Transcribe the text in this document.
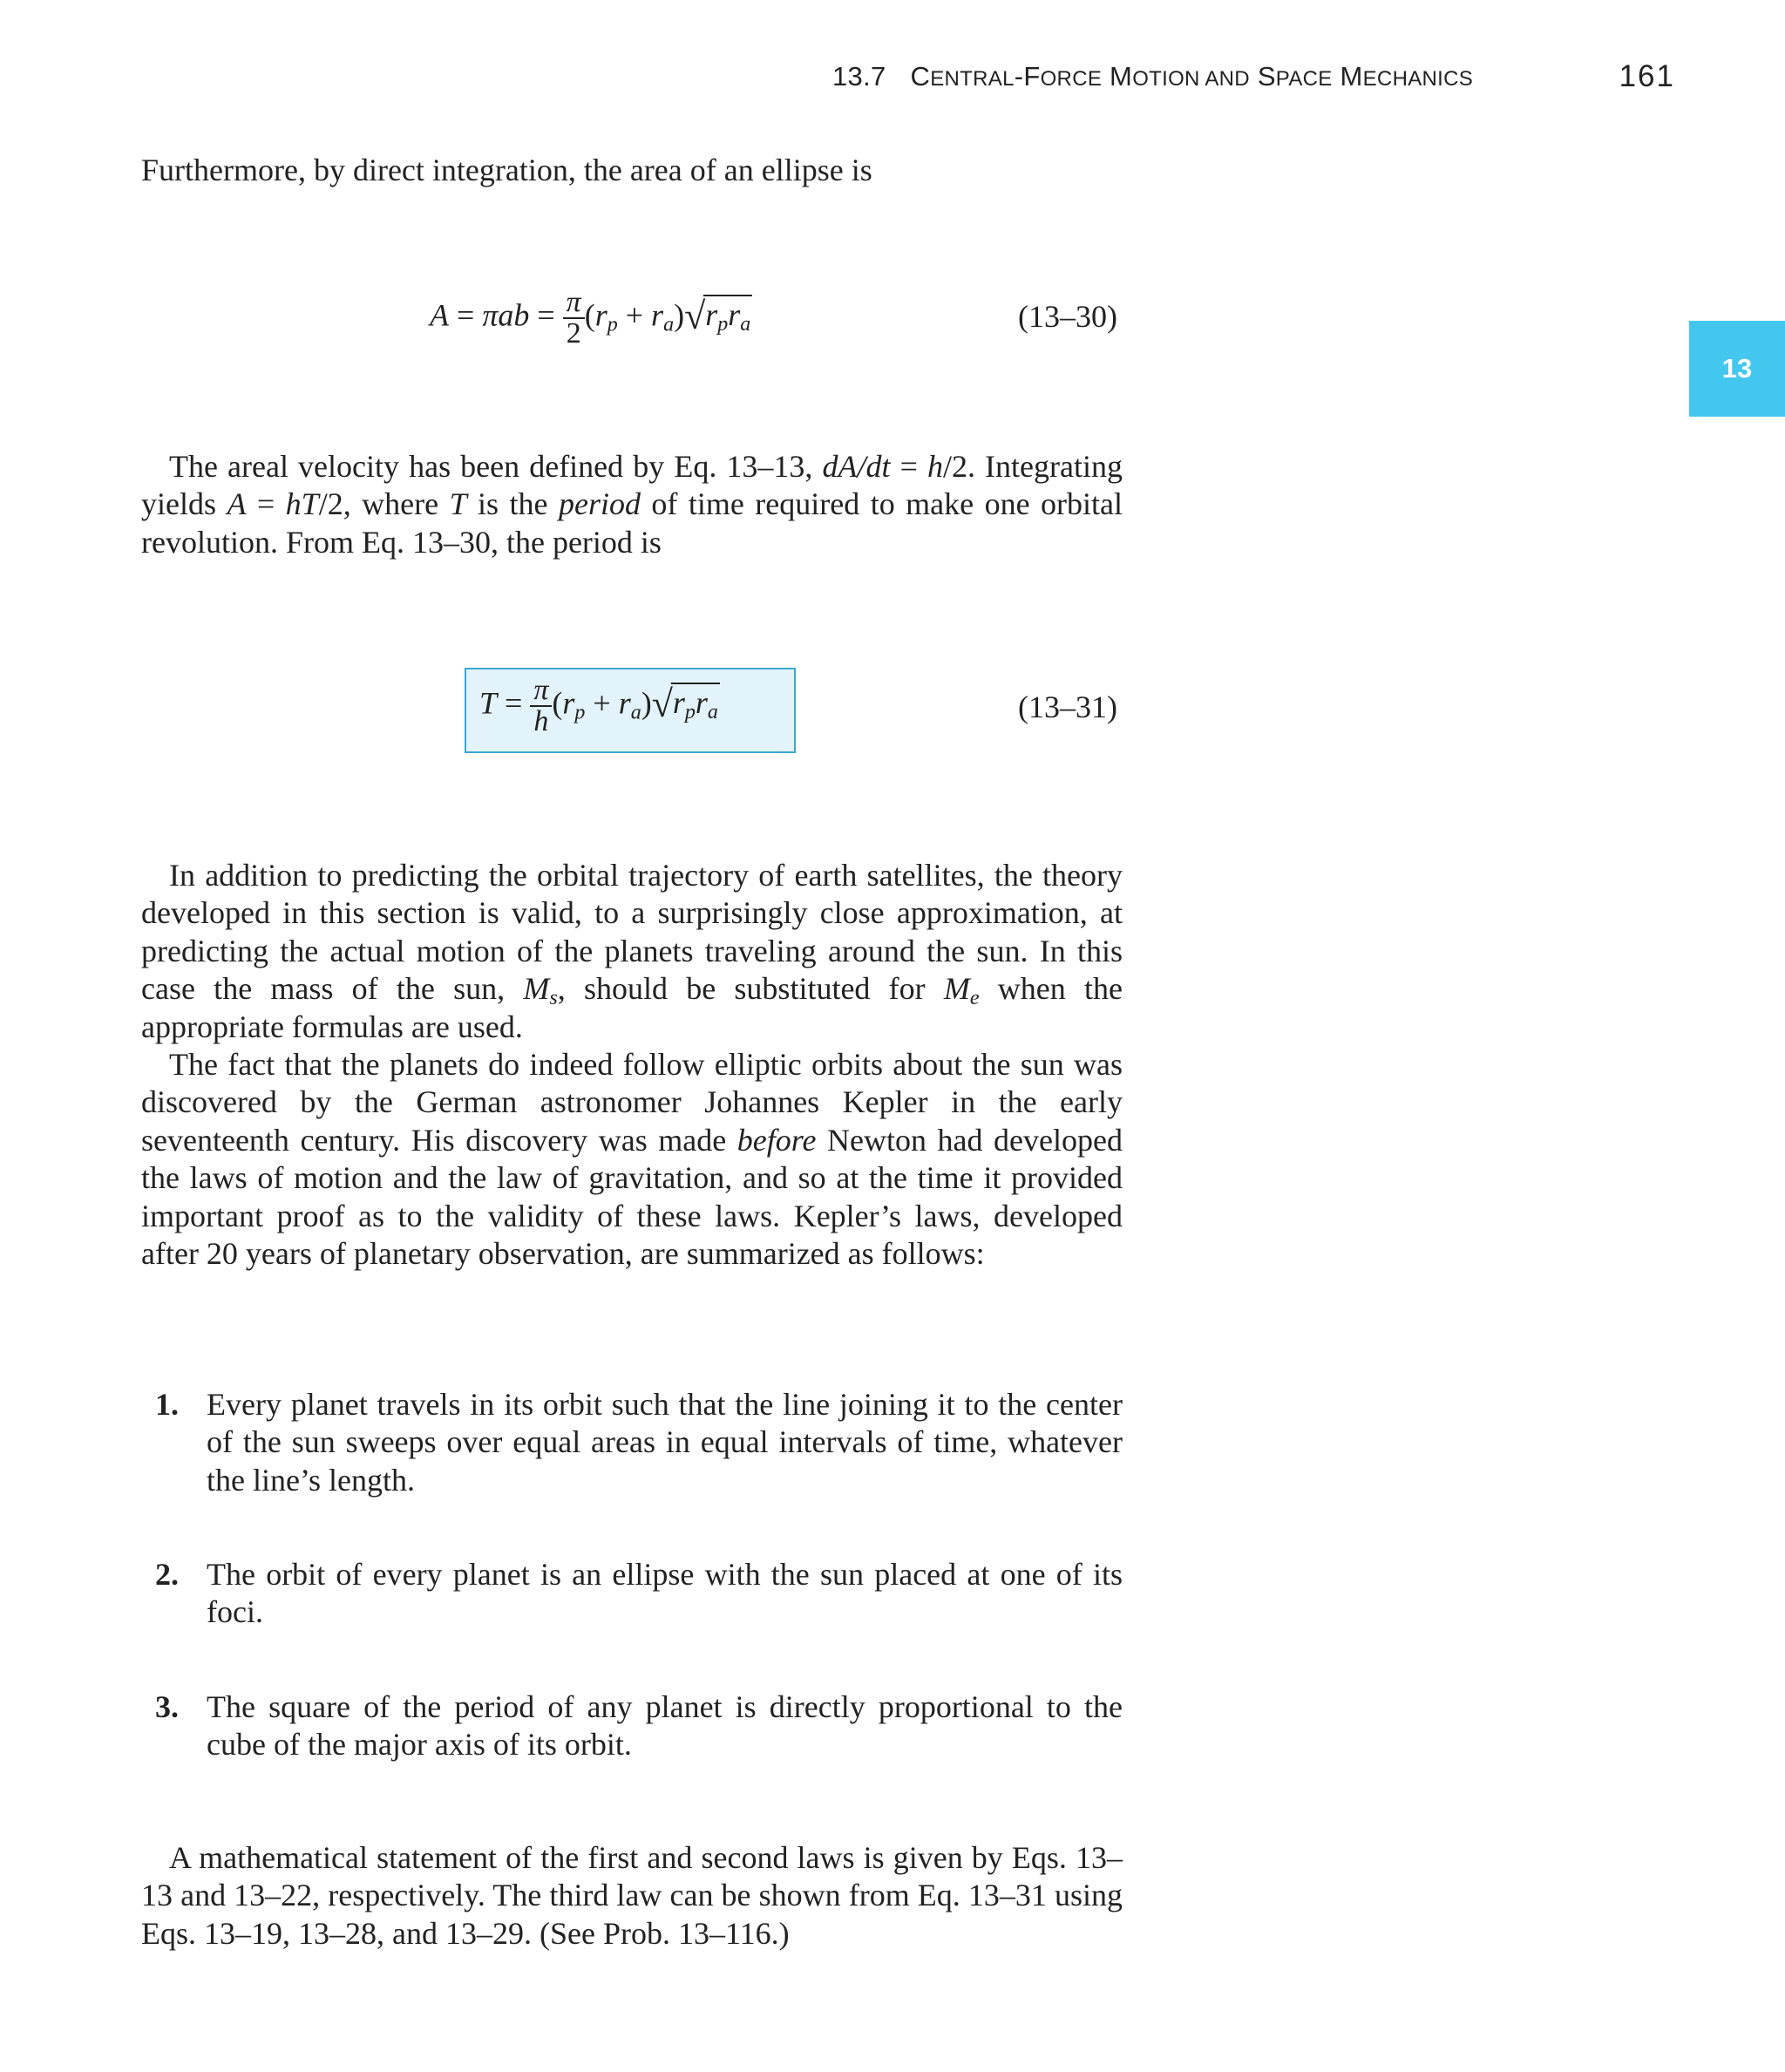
13.7 CENTRAL-FORCE MOTION AND SPACE MECHANICS	161
13

Furthermore, by direct integration, the area of an ellipse is

$A = \pi ab = \frac{\pi}{2} (r_p + r_a)√r_pr_a$	(13–30)

The areal velocity has been defined by Eq. 13–13, dA/dt = h/2. Integrating yields A = hT/2, where T is the period of time required to make one orbital revolution. From Eq. 13–30, the period is

$T = \frac{\pi}{h} (r_p + r_a)√r_pr_a$	(13–31)

In addition to predicting the orbital trajectory of earth satellites, the theory developed in this section is valid, to a surprisingly close approximation, at predicting the actual motion of the planets traveling around the sun. In this case the mass of the sun, $M_s$, should be substituted for $M_e$ when the appropriate formulas are used.

The fact that the planets do indeed follow elliptic orbits about the sun was discovered by the German astronomer Johannes Kepler in the early seventeenth century. His discovery was made before Newton had developed the laws of motion and the law of gravitation, and so at the time it provided important proof as to the validity of these laws. Kepler’s laws, developed after 20 years of planetary observation, are summarized as follows:

1. Every planet travels in its orbit such that the line joining it to the center of the sun sweeps over equal areas in equal intervals of time, whatever the line’s length.
2. The orbit of every planet is an ellipse with the sun placed at one of its foci.
3. The square of the period of any planet is directly proportional to the cube of the major axis of its orbit.

A mathematical statement of the first and second laws is given by Eqs. 13–13 and 13–22, respectively. The third law can be shown from Eq. 13–31 using Eqs. 13–19, 13–28, and 13–29. (See Prob. 13–116.)
